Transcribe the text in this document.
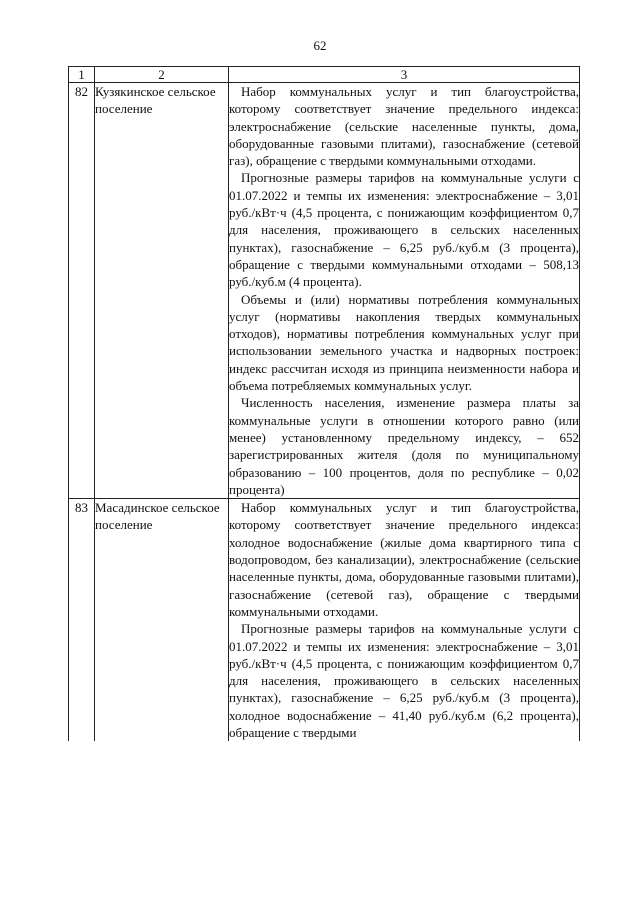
62
1	2	3
82	Кузякинское сельское поселение	Набор коммунальных услуг и тип благоустройства, которому соответствует значение предельного индекса: электроснабжение (сельские населенные пункты, дома, оборудованные газовыми плитами), газоснабжение (сетевой газ), обращение с твердыми коммунальными отходами.

Прогнозные размеры тарифов на коммунальные услуги с 01.07.2022 и темпы их изменения: электроснабжение – 3,01 руб./кВт·ч (4,5 процента, с понижающим коэффициентом 0,7 для населения, проживающего в сельских населенных пунктах), газоснабжение – 6,25 руб./куб.м (3 процента), обращение с твердыми коммунальными отходами – 508,13 руб./куб.м (4 процента).

Объемы и (или) нормативы потребления коммунальных услуг (нормативы накопления твердых коммунальных отходов), нормативы потребления коммунальных услуг при использовании земельного участка и надворных построек: индекс рассчитан исходя из принципа неизменности набора и объема потребляемых коммунальных услуг.

Численность населения, изменение размера платы за коммунальные услуги в отношении которого равно (или менее) установленному предельному индексу, – 652 зарегистрированных жителя (доля по муниципальному образованию – 100 процентов, доля по республике – 0,02 процента)

83	Масадинское сельское поселение	Набор коммунальных услуг и тип благоустройства, которому соответствует значение предельного индекса: холодное водоснабжение (жилые дома квартирного типа с водопроводом, без канализации), электроснабжение (сельские населенные пункты, дома, оборудованные газовыми плитами), газоснабжение (сетевой газ), обращение с твердыми коммунальными отходами.

Прогнозные размеры тарифов на коммунальные услуги с 01.07.2022 и темпы их изменения: электроснабжение – 3,01 руб./кВт·ч (4,5 процента, с понижающим коэффициентом 0,7 для населения, проживающего в сельских населенных пунктах), газоснабжение – 6,25 руб./куб.м (3 процента), холодное водоснабжение – 41,40 руб./куб.м (6,2 процента), обращение с твердыми
